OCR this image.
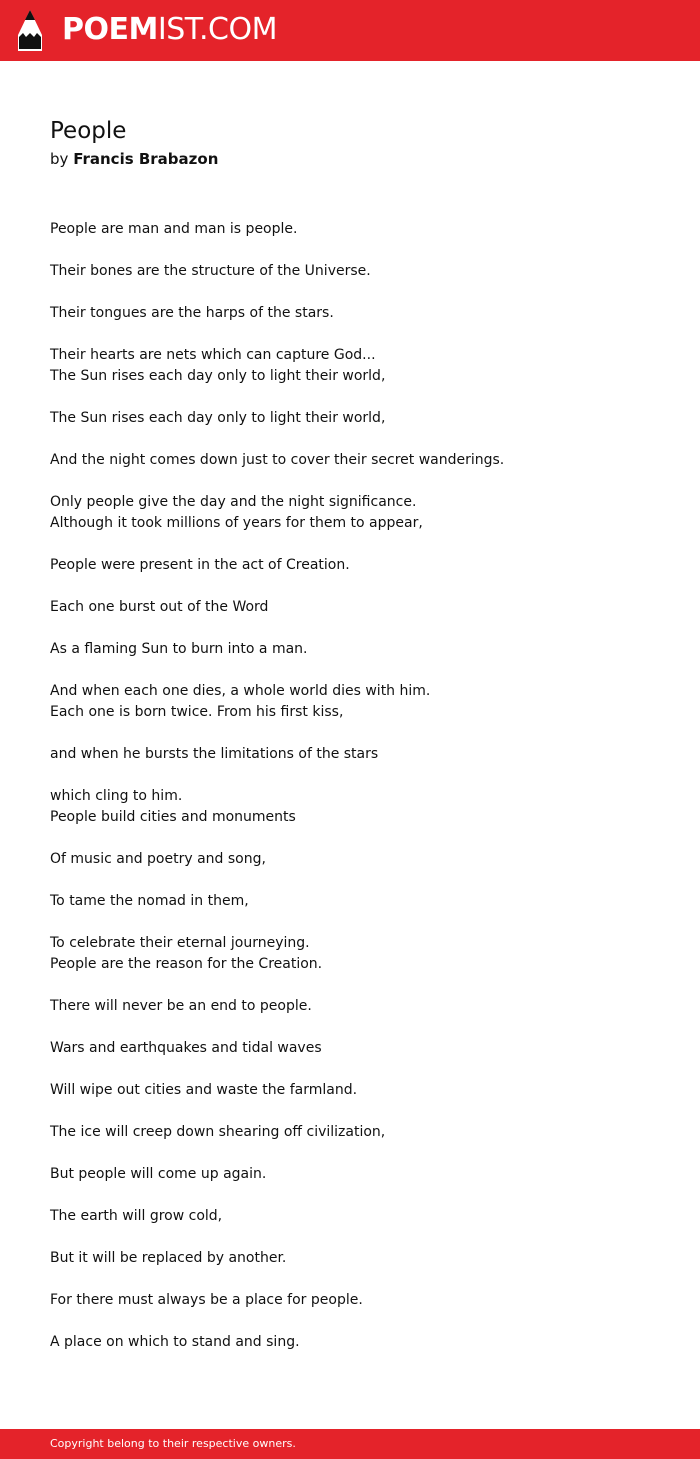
POEMIST.COM
People
by Francis Brabazon
People are man and man is people.
Their bones are the structure of the Universe.
Their tongues are the harps of the stars.
Their hearts are nets which can capture God...
The Sun rises each day only to light their world,
The Sun rises each day only to light their world,
And the night comes down just to cover their secret wanderings.
Only people give the day and the night significance.
Although it took millions of years for them to appear,
People were present in the act of Creation.
Each one burst out of the Word
As a flaming Sun to burn into a man.
And when each one dies, a whole world dies with him.
Each one is born twice. From his first kiss,
and when he bursts the limitations of the stars
which cling to him.
People build cities and monuments
Of music and poetry and song,
To tame the nomad in them,
To celebrate their eternal journeying.
People are the reason for the Creation.
There will never be an end to people.
Wars and earthquakes and tidal waves
Will wipe out cities and waste the farmland.
The ice will creep down shearing off civilization,
But people will come up again.
The earth will grow cold,
But it will be replaced by another.
For there must always be a place for people.
A place on which to stand and sing.
Copyright belong to their respective owners.
